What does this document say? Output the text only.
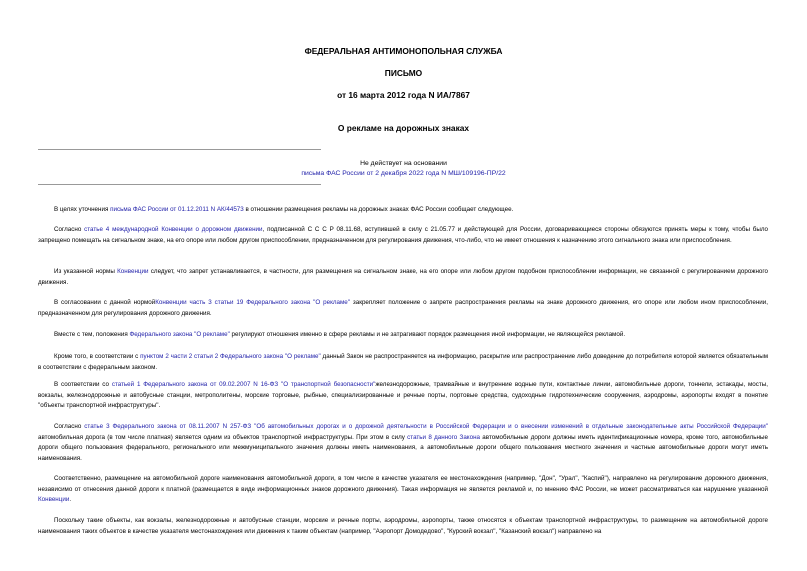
ФЕДЕРАЛЬНАЯ АНТИМОНОПОЛЬНАЯ СЛУЖБА
ПИСЬМО
от 16 марта 2012 года N ИА/7867
О рекламе на дорожных знаках
Не действует на основании
письма ФАС России от 2 декабря 2022 года N МШ/109196-ПР/22
В целях уточнения письма ФАС России от 01.12.2011 N АК/44573 в отношении размещения рекламы на дорожных знаках ФАС России сообщает следующее.
Согласно статье 4 международной Конвенции о дорожном движении, подписанной С С С Р 08.11.68, вступившей в силу с 21.05.77 и действующей для России, договаривающиеся стороны обязуются принять меры к тому, чтобы было запрещено помещать на сигнальном знаке, на его опоре или любом другом приспособлении, предназначенном для регулирования движения, что-либо, что не имеет отношения к назначению этого сигнального знака или приспособления.
Из указанной нормы Конвенции следует, что запрет устанавливается, в частности, для размещения на сигнальном знаке, на его опоре или любом другом подобном приспособлении информации, не связанной с регулированием дорожного движения.
В согласовании с данной нормойКонвенции часть 3 статьи 19 Федерального закона "О рекламе" закрепляет положение о запрете распространения рекламы на знаке дорожного движения, его опоре или любом ином приспособлении, предназначенном для регулирования дорожного движения.
Вместе с тем, положения Федерального закона "О рекламе" регулируют отношения именно в сфере рекламы и не затрагивают порядок размещения иной информации, не являющейся рекламой.
Кроме того, в соответствии с пунктом 2 части 2 статьи 2 Федерального закона "О рекламе" данный Закон не распространяется на информацию, раскрытие или распространение либо доведение до потребителя которой является обязательным в соответствии с федеральным законом.
В соответствии со статьей 1 Федерального закона от 09.02.2007 N 16-ФЗ "О транспортной безопасности"железнодорожные, трамвайные и внутренние водные пути, контактные линии, автомобильные дороги, тоннели, эстакады, мосты, вокзалы, железнодорожные и автобусные станции, метрополитены, морские торговые, рыбные, специализированные и речные порты, портовые средства, судоходные гидротехнические сооружения, аэродромы, аэропорты входят в понятие "объекты транспортной инфраструктуры".
Согласно статье 3 Федерального закона от 08.11.2007 N 257-ФЗ "Об автомобильных дорогах и о дорожной деятельности в Российской Федерации и о внесении изменений в отдельные законодательные акты Российской Федерации" автомобильная дорога (в том числе платная) является одним из объектов транспортной инфраструктуры. При этом в силу статьи 8 данного Закона автомобильные дороги должны иметь идентификационные номера, кроме того, автомобильные дороги общего пользования федерального, регионального или межмуниципального значения должны иметь наименования, а автомобильные дороги общего пользования местного значения и частные автомобильные дороги могут иметь наименования.
Соответственно, размещение на автомобильной дороге наименования автомобильной дороги, в том числе в качестве указателя ее местонахождения (например, "Дон", "Урал", "Каспий"), направлено на регулирование дорожного движения, независимо от отнесения данной дороги к платной (размещается в виде информационных знаков дорожного движения). Такая информация не является рекламой и, по мнению ФАС России, не может рассматриваться как нарушение указанной Конвенции.
Поскольку такие объекты, как вокзалы, железнодорожные и автобусные станции, морские и речные порты, аэродромы, аэропорты, также относятся к объектам транспортной инфраструктуры, то размещение на автомобильной дороге наименования таких объектов в качестве указателя местонахождения или движения к таким объектам (например, "Аэропорт Домодедово", "Курский вокзал", "Казанский вокзал") направлено на
